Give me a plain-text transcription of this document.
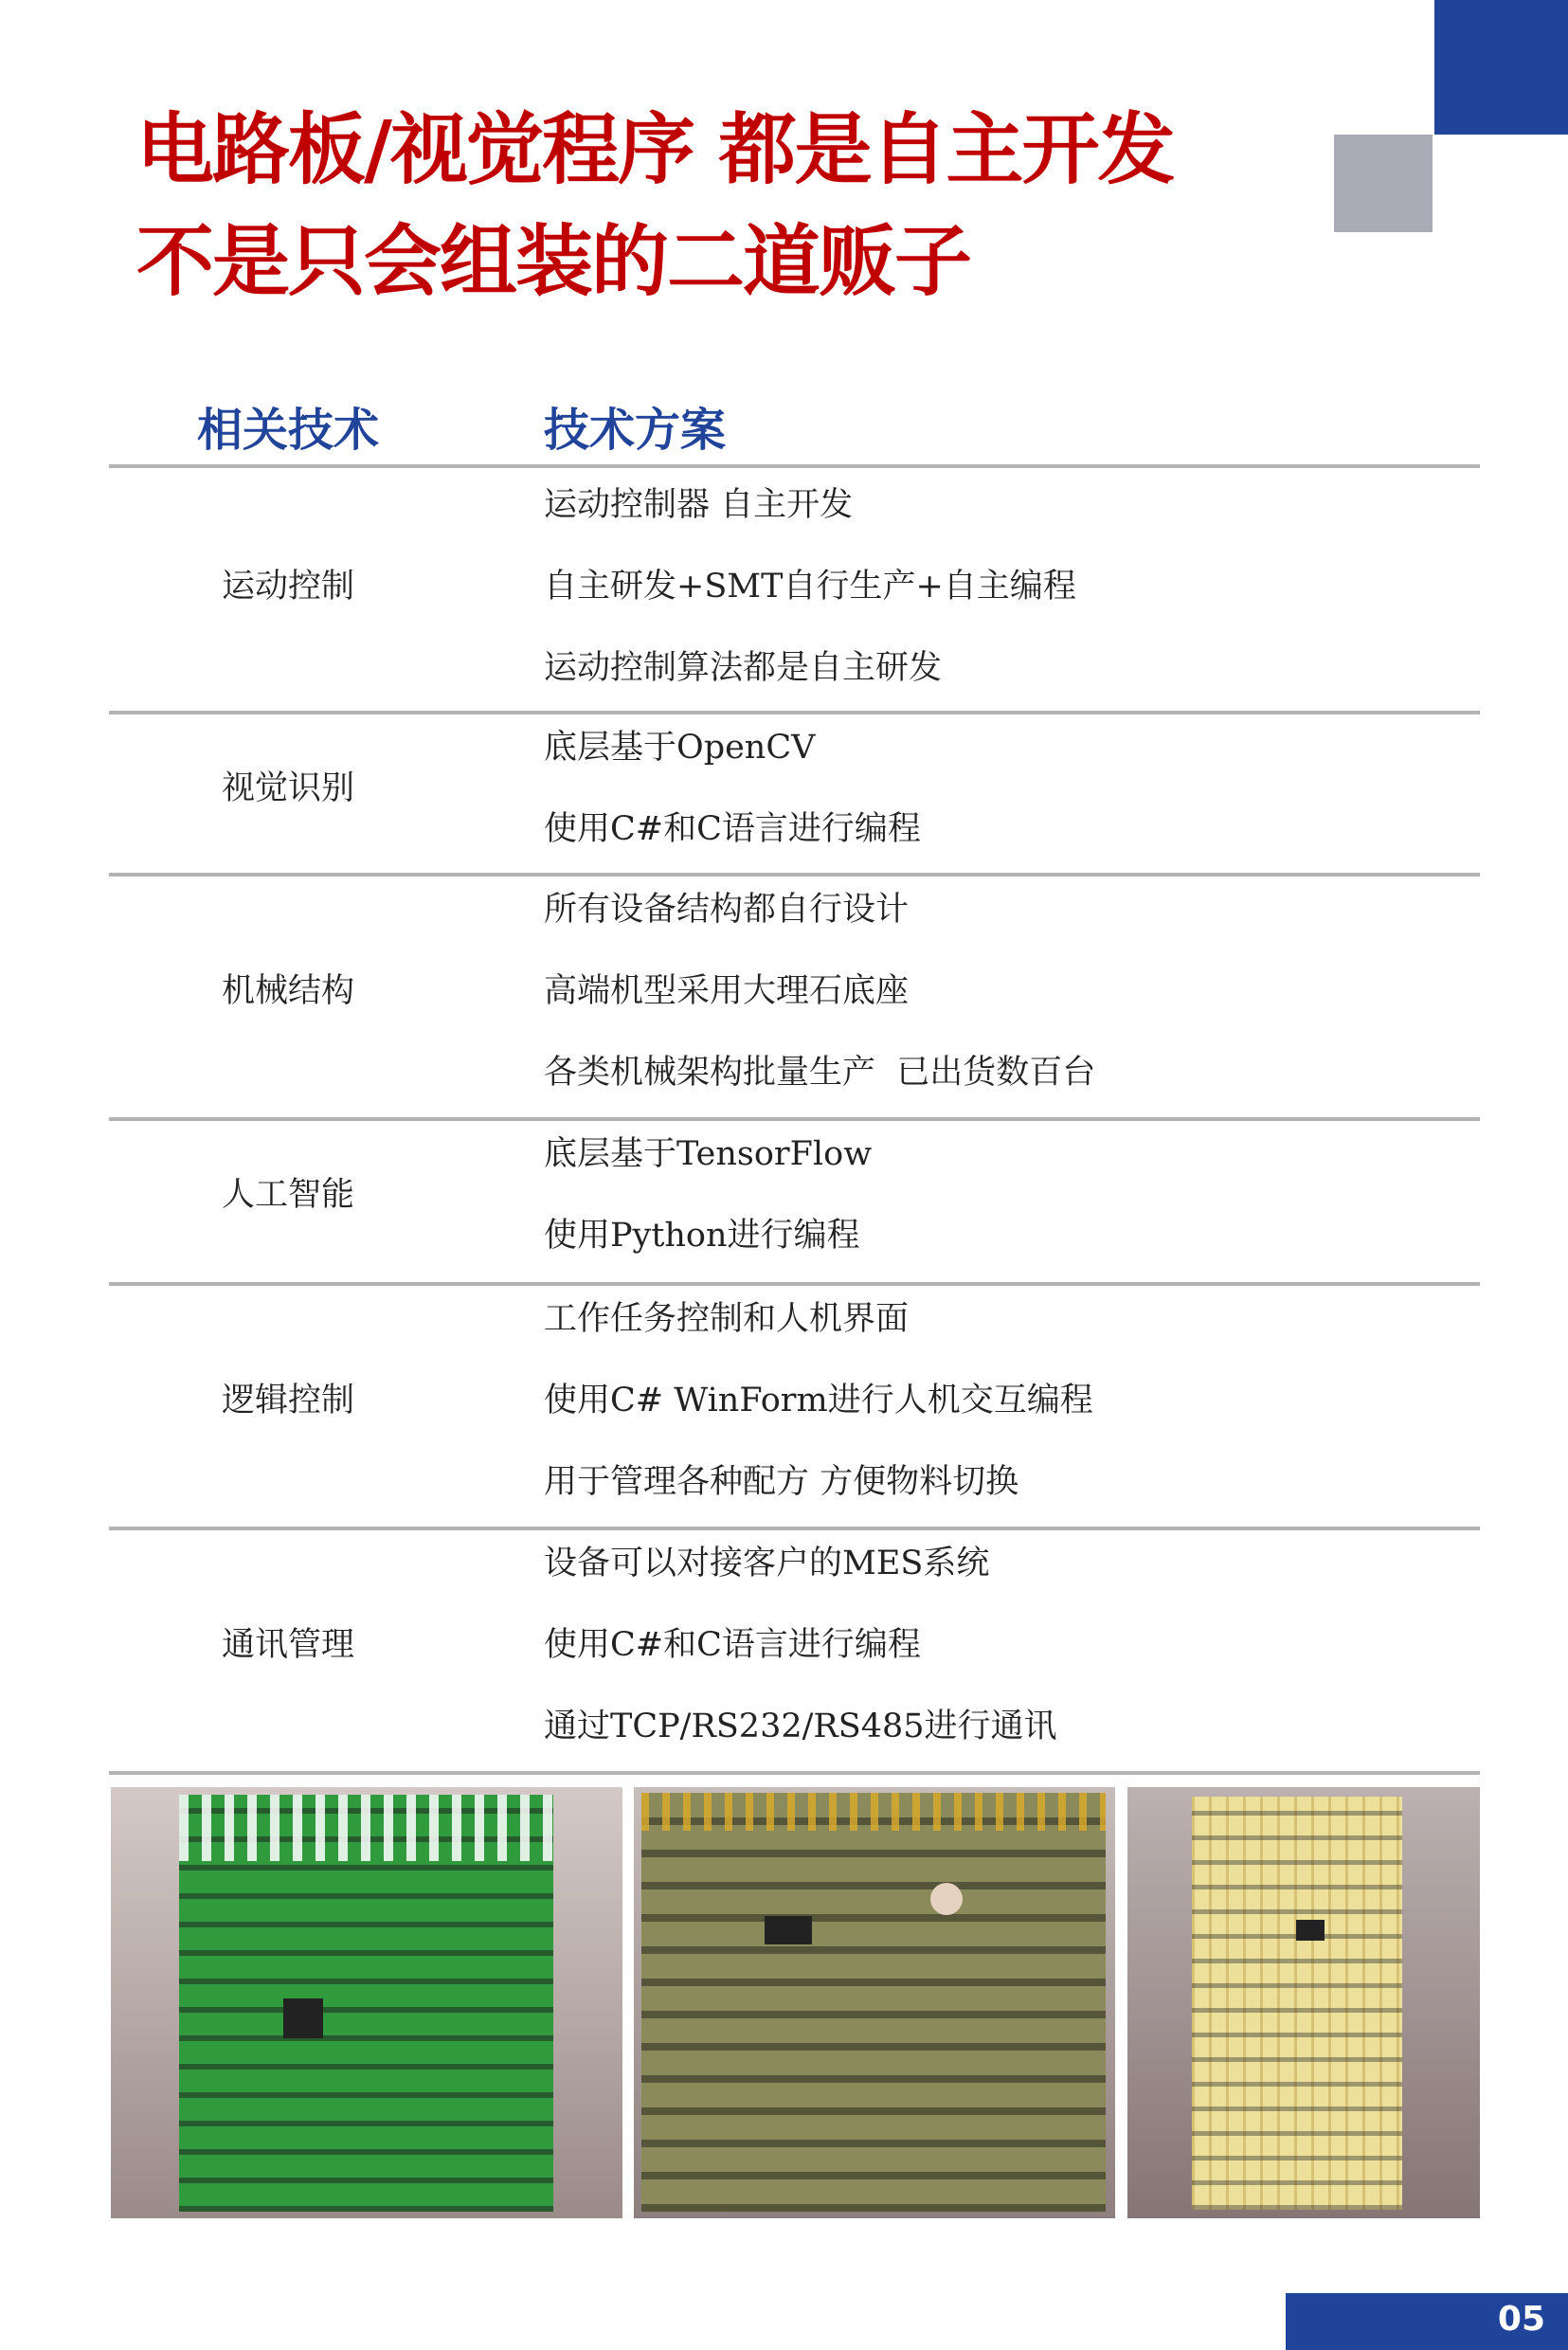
电路板/视觉程序 都是自主开发
不是只会组装的二道贩子
相关技术	技术方案
运动控制
运动控制器 自主开发
自主研发+SMT自行生产+自主编程
运动控制算法都是自主研发
视觉识别
底层基于OpenCV
使用C#和C语言进行编程
机械结构
所有设备结构都自行设计
高端机型采用大理石底座
各类机械架构批量生产  已出货数百台
人工智能
底层基于TensorFlow
使用Python进行编程
逻辑控制
工作任务控制和人机界面
使用C# WinForm进行人机交互编程
用于管理各种配方 方便物料切换
通讯管理
设备可以对接客户的MES系统
使用C#和C语言进行编程
通过TCP/RS232/RS485进行通讯
05
